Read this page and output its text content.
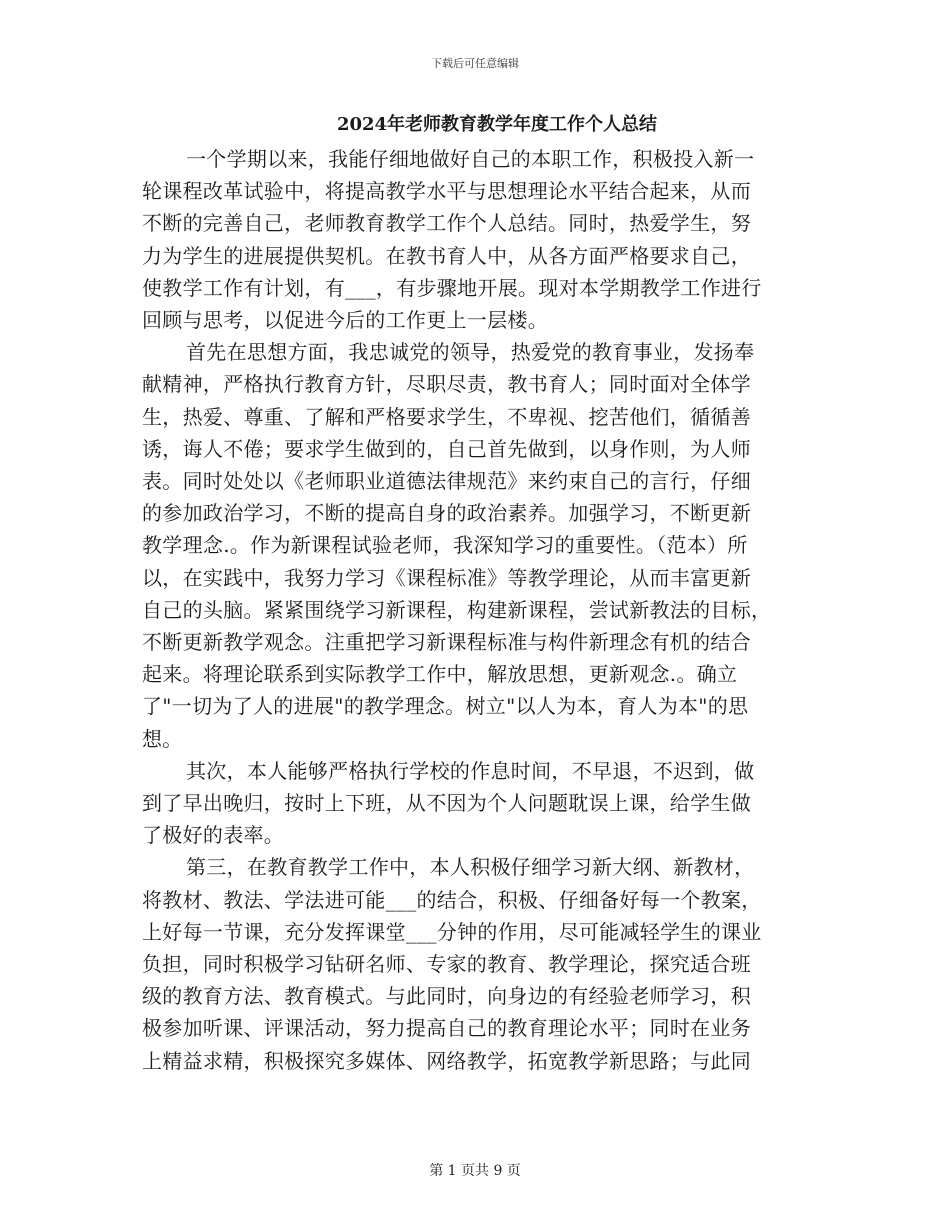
下载后可任意编辑
2024年老师教育教学年度工作个人总结

一个学期以来，我能仔细地做好自己的本职工作，积极投入新一
轮课程改革试验中，将提高教学水平与思想理论水平结合起来，从而
不断的完善自己，老师教育教学工作个人总结。同时，热爱学生，努
力为学生的进展提供契机。在教书育人中，从各方面严格要求自己，
使教学工作有计划，有___，有步骤地开展。现对本学期教学工作进行
回顾与思考，以促进今后的工作更上一层楼。

首先在思想方面，我忠诚党的领导，热爱党的教育事业，发扬奉
献精神，严格执行教育方针，尽职尽责，教书育人；同时面对全体学
生，热爱、尊重、了解和严格要求学生，不卑视、挖苦他们，循循善
诱，诲人不倦；要求学生做到的，自己首先做到，以身作则，为人师
表。同时处处以《老师职业道德法律规范》来约束自己的言行，仔细
的参加政治学习，不断的提高自身的政治素养。加强学习，不断更新
教学理念.。作为新课程试验老师，我深知学习的重要性。（范本）所
以，在实践中，我努力学习《课程标准》等教学理论，从而丰富更新
自己的头脑。紧紧围绕学习新课程，构建新课程，尝试新教法的目标，
不断更新教学观念。注重把学习新课程标准与构件新理念有机的结合
起来。将理论联系到实际教学工作中，解放思想，更新观念.。确立
了"一切为了人的进展"的教学理念。树立"以人为本，育人为本"的思
想。

其次，本人能够严格执行学校的作息时间，不早退，不迟到，做
到了早出晚归，按时上下班，从不因为个人问题耽误上课，给学生做
了极好的表率。

第三，在教育教学工作中，本人积极仔细学习新大纲、新教材，
将教材、教法、学法进可能___的结合，积极、仔细备好每一个教案，
上好每一节课，充分发挥课堂___分钟的作用，尽可能减轻学生的课业
负担，同时积极学习钻研名师、专家的教育、教学理论，探究适合班
级的教育方法、教育模式。与此同时，向身边的有经验老师学习，积
极参加听课、评课活动，努力提高自己的教育理论水平；同时在业务
上精益求精，积极探究多媒体、网络教学，拓宽教学新思路；与此同

第 1 页共 9 页
